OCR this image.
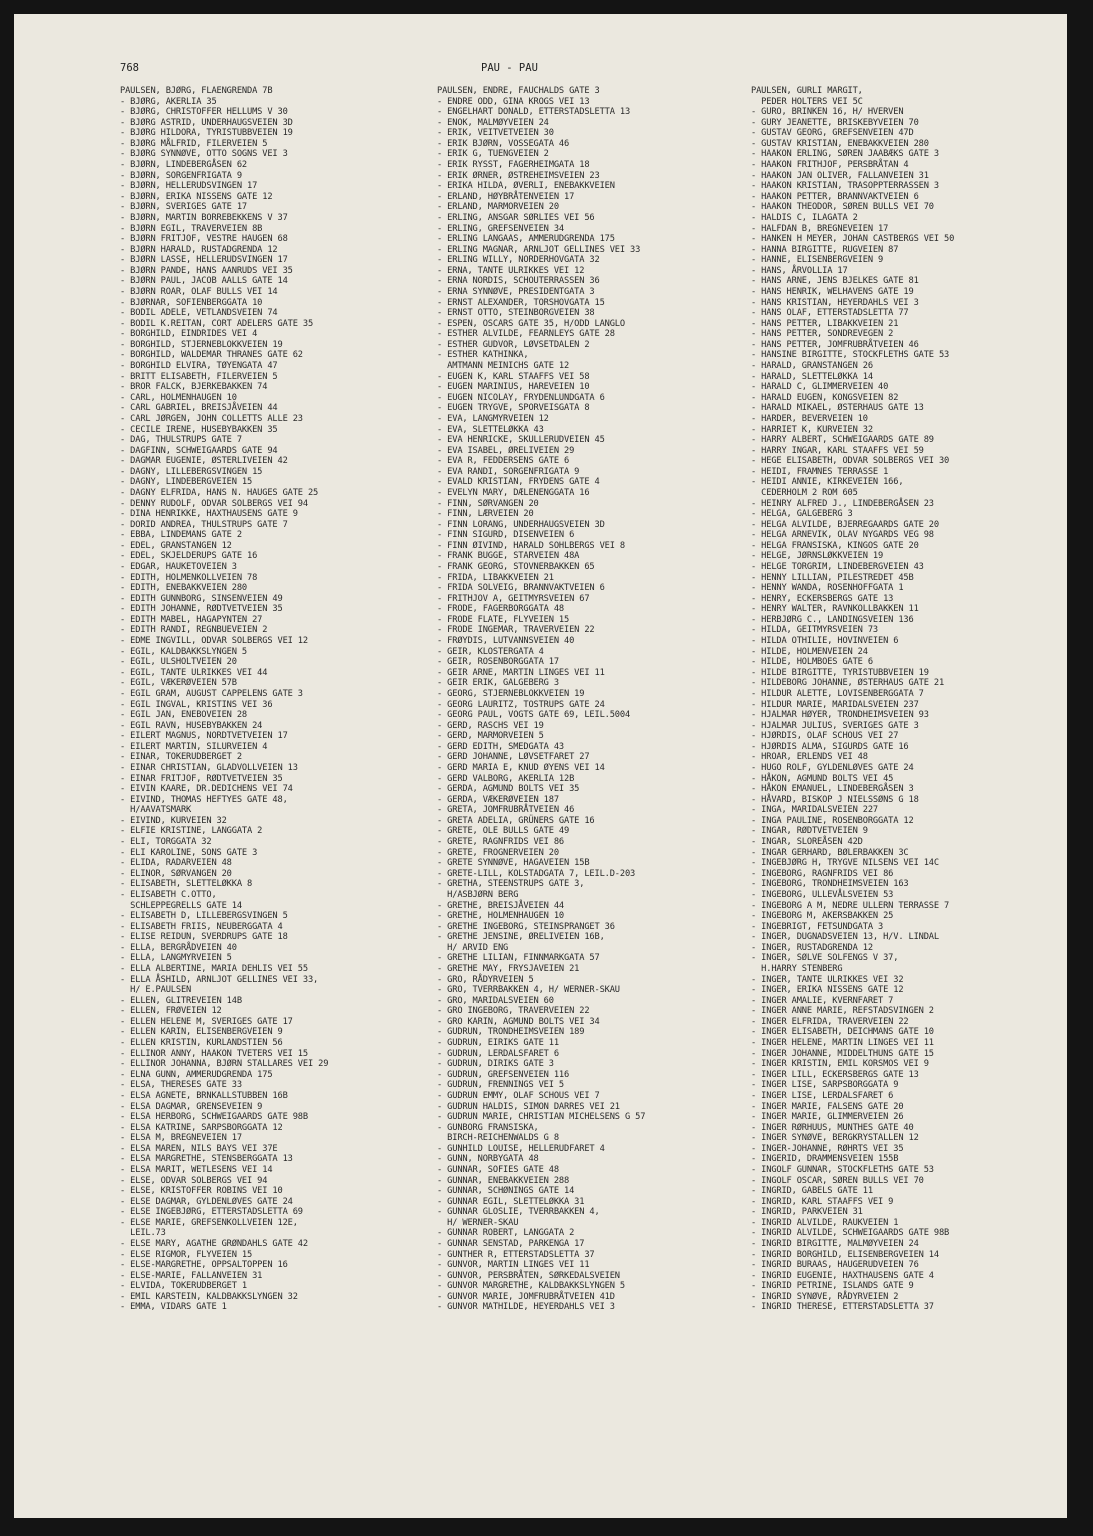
768	PAU - PAU
PAULSEN, BJØRG, FLAENGRENDA 7B
- BJØRG, AKERLIA 35
- BJØRG, CHRISTOFFER HELLUMS V 30
- BJØRG ASTRID, UNDERHAUGSVEIEN 3D
- BJØRG HILDORA, TYRISTUBBVEIEN 19
- BJØRG MÅLFRID, FILERVEIEN 5
- BJØRG SYNNØVE, OTTO SOGNS VEI 3
- BJØRN, LINDEBERGÅSEN 62
- BJØRN, SORGENFRIGATA 9
- BJØRN, HELLERUDSVINGEN 17
- BJØRN, ERIKA NISSENS GATE 12
- BJØRN, SVERIGES GATE 17
- BJØRN, MARTIN BORREBEKKENS V 37
- BJØRN EGIL, TRAVERVEIEN 8B
- BJØRN FRITJOF, VESTRE HAUGEN 68
- BJØRN HARALD, RUSTADGRENDA 12
- BJØRN LASSE, HELLERUDSVINGEN 17
- BJØRN PANDE, HANS AANRUDS VEI 35
- BJØRN PAUL, JACOB AALLS GATE 14
- BJØRN ROAR, OLAF BULLS VEI 14
- BJØRNAR, SOFIENBERGGATA 10
- BODIL ADELE, VETLANDSVEIEN 74
- BODIL K.REITAN, CORT ADELERS GATE 35
- BORGHILD, EINDRIDES VEI 4
- BORGHILD, STJERNEBLOKKVEIEN 19
- BORGHILD, WALDEMAR THRANES GATE 62
- BORGHILD ELVIRA, TØYENGATA 47
- BRITT ELISABETH, FILERVEIEN 5
- BROR FALCK, BJERKEBAKKEN 74
- CARL, HOLMENHAUGEN 10
- CARL GABRIEL, BREISJÅVEIEN 44
- CARL JØRGEN, JOHN COLLETTS ALLE 23
- CECILE IRENE, HUSEBYBAKKEN 35
- DAG, THULSTRUPS GATE 7
- DAGFINN, SCHWEIGAARDS GATE 94
- DAGMAR EUGENIE, ØSTERLIVEIEN 42
- DAGNY, LILLEBERGSVINGEN 15
- DAGNY, LINDEBERGVEIEN 15
- DAGNY ELFRIDA, HANS N. HAUGES GATE 25
- DENNY RUDOLF, ODVAR SOLBERGS VEI 94
- DINA HENRIKKE, HAXTHAUSENS GATE 9
- DORID ANDREA, THULSTRUPS GATE 7
- EBBA, LINDEMANS GATE 2
- EDEL, GRANSTANGEN 12
- EDEL, SKJELDERUPS GATE 16
- EDGAR, HAUKETOVEIEN 3
- EDITH, HOLMENKOLLVEIEN 78
- EDITH, ENEBAKKVEIEN 280
- EDITH GUNNBORG, SINSENVEIEN 49
- EDITH JOHANNE, RØDTVETVEIEN 35
- EDITH MABEL, HAGAPYNTEN 27
- EDITH RANDI, REGNBUEVEIEN 2
- EDME INGVILL, ODVAR SOLBERGS VEI 12
- EGIL, KALDBAKKSLYNGEN 5
- EGIL, ULSHOLTVEIEN 20
- EGIL, TANTE ULRIKKES VEI 44
- EGIL, VÆKERØVEIEN 57B
- EGIL GRAM, AUGUST CAPPELENS GATE 3
- EGIL INGVAL, KRISTINS VEI 36
- EGIL JAN, ENEBOVEIEN 28
- EGIL RAVN, HUSEBYBAKKEN 24
- EILERT MAGNUS, NORDTVETVEIEN 17
- EILERT MARTIN, SILURVEIEN 4
- EINAR, TOKERUDBERGET 2
- EINAR CHRISTIAN, GLADVOLLVEIEN 13
- EINAR FRITJOF, RØDTVETVEIEN 35
- EIVIN KAARE, DR.DEDICHENS VEI 74
- EIVIND, THOMAS HEFTYES GATE 48,
H/AAVATSMARK
- EIVIND, KURVEIEN 32
- ELFIE KRISTINE, LANGGATA 2
- ELI, TORGGATA 32
- ELI KAROLINE, SONS GATE 3
- ELIDA, RADARVEIEN 48
- ELINOR, SØRVANGEN 20
- ELISABETH, SLETTELØKKA 8
- ELISABETH C.OTTO,
SCHLEPPEGRELLS GATE 14
- ELISABETH D, LILLEBERGSVINGEN 5
- ELISABETH FRIIS, NEUBERGGATA 4
- ELISE REIDUN, SVERDRUPS GATE 18
- ELLA, BERGRÅDVEIEN 40
- ELLA, LANGMYRVEIEN 5
- ELLA ALBERTINE, MARIA DEHLIS VEI 55
- ELLA ÅSHILD, ARNLJOT GELLINES VEI 33,
H/ E.PAULSEN
- ELLEN, GLITREVEIEN 14B
- ELLEN, FRØVEIEN 12
- ELLEN HELENE M, SVERIGES GATE 17
- ELLEN KARIN, ELISENBERGVEIEN 9
- ELLEN KRISTIN, KURLANDSTIEN 56
- ELLINOR ANNY, HAAKON TVETERS VEI 15
- ELLINOR JOHANNA, BJØRN STALLARES VEI 29
- ELNA GUNN, AMMERUDGRENDA 175
- ELSA, THERESES GATE 33
- ELSA AGNETE, BRNKALLSTUBBEN 16B
- ELSA DAGMAR, GRENSEVEIEN 9
- ELSA HERBORG, SCHWEIGAARDS GATE 98B
- ELSA KATRINE, SARPSBORGGATA 12
- ELSA M, BREGNEVEIEN 17
- ELSA MAREN, NILS BAYS VEI 37E
- ELSA MARGRETHE, STENSBERGGATA 13
- ELSA MARIT, WETLESENS VEI 14
- ELSE, ODVAR SOLBERGS VEI 94
- ELSE, KRISTOFFER ROBINS VEI 10
- ELSE DAGMAR, GYLDENLØVES GATE 24
- ELSE INGEBJØRG, ETTERSTADSLETTA 69
- ELSE MARIE, GREFSENKOLLVEIEN 12E,
LEIL.73
- ELSE MARY, AGATHE GRØNDAHLS GATE 42
- ELSE RIGMOR, FLYVEIEN 15
- ELSE-MARGRETHE, OPPSALTOPPEN 16
- ELSE-MARIE, FALLANVEIEN 31
- ELVIDA, TOKERUDBERGET 1
- EMIL KARSTEIN, KALDBAKKSLYNGEN 32
- EMMA, VIDARS GATE 1
PAULSEN, ENDRE, FAUCHALDS GATE 3
- ENDRE ODD, GINA KROGS VEI 13
- ENGELHART DONALD, ETTERSTADSLETTA 13
- ENOK, MALMØYVEIEN 24
- ERIK, VEITVETVEIEN 30
- ERIK BJØRN, VOSSEGATA 46
- ERIK G, TUENGVEIEN 2
- ERIK RYSST, FAGERHEIMGATA 18
- ERIK ØRNER, ØSTREHEIMSVEIEN 23
- ERIKA HILDA, ØVERLI, ENEBAKKVEIEN
- ERLAND, HØYBRÅTENVEIEN 17
- ERLAND, MARMORVEIEN 20
- ERLING, ANSGAR SØRLIES VEI 56
- ERLING, GREFSENVEIEN 34
- ERLING LANGAAS, AMMERUDGRENDA 175
- ERLING MAGNAR, ARNLJOT GELLINES VEI 33
- ERLING WILLY, NORDERHOVGATA 32
- ERNA, TANTE ULRIKKES VEI 12
- ERNA NORDIS, SCHOUTERRASSEN 36
- ERNA SYNNØVE, PRESIDENTGATA 3
- ERNST ALEXANDER, TORSHOVGATA 15
- ERNST OTTO, STEINBORGVEIEN 38
- ESPEN, OSCARS GATE 35, H/ODD LANGLO
- ESTHER ALVILDE, FEARNLEYS GATE 28
- ESTHER GUDVOR, LØVSETDALEN 2
- ESTHER KATHINKA,
AMTMANN MEINICHS GATE 12
- EUGEN K, KARL STAAFFS VEI 58
- EUGEN MARINIUS, HAREVEIEN 10
- EUGEN NICOLAY, FRYDENLUNDGATA 6
- EUGEN TRYGVE, SPORVEISGATA 8
- EVA, LANGMYRVEIEN 12
- EVA, SLETTELØKKA 43
- EVA HENRICKE, SKULLERUDVEIEN 45
- EVA ISABEL, ØRELIVEIEN 29
- EVA R, FEDDERSENS GATE 6
- EVA RANDI, SORGENFRIGATA 9
- EVALD KRISTIAN, FRYDENS GATE 4
- EVELYN MARY, DÆLENENGGATA 16
- FINN, SØRVANGEN 20
- FINN, LÆRVEIEN 20
- FINN LORANG, UNDERHAUGSVEIEN 3D
- FINN SIGURD, DISENVEIEN 6
- FINN ØIVIND, HARALD SOHLBERGS VEI 8
- FRANK BUGGE, STARVEIEN 48A
- FRANK GEORG, STOVNERBAKKEN 65
- FRIDA, LIBAKKVEIEN 21
- FRIDA SOLVEIG, BRANNVAKTVEIEN 6
- FRITHJOV A, GEITMYRSVEIEN 67
- FRODE, FAGERBORGGATA 48
- FRODE FLATE, FLYVEIEN 15
- FRODE INGEMAR, TRAVERVEIEN 22
- FRØYDIS, LUTVANNSVEIEN 40
- GEIR, KLOSTERGATA 4
- GEIR, ROSENBORGGATA 17
- GEIR ARNE, MARTIN LINGES VEI 11
- GEIR ERIK, GALGEBERG 3
- GEORG, STJERNEBLOKKVEIEN 19
- GEORG LAURITZ, TOSTRUPS GATE 24
- GEORG PAUL, VOGTS GATE 69, LEIL.5004
- GERD, RASCHS VEI 19
- GERD, MARMORVEIEN 5
- GERD EDITH, SMEDGATA 43
- GERD JOHANNE, LØVSETFARET 27
- GERD MARIA E, KNUD ØYENS VEI 14
- GERD VALBORG, AKERLIA 12B
- GERDA, AGMUND BOLTS VEI 35
- GERDA, VÆKERØVEIEN 187
- GRETA, JOMFRUBRÅTVEIEN 46
- GRETA ADELIA, GRÜNERS GATE 16
- GRETE, OLE BULLS GATE 49
- GRETE, RAGNFRIDS VEI 86
- GRETE, FROGNERVEIEN 20
- GRETE SYNNØVE, HAGAVEIEN 15B
- GRETE-LILL, KOLSTADGATA 7, LEIL.D-203
- GRETHA, STEENSTRUPS GATE 3,
H/ASBJØRN BERG
- GRETHE, BREISJÅVEIEN 44
- GRETHE, HOLMENHAUGEN 10
- GRETHE INGEBORG, STEINSPRANGET 36
- GRETHE JENSINE, ØRELIVEIEN 16B,
H/ ARVID ENG
- GRETHE LILIAN, FINNMARKGATA 57
- GRETHE MAY, FRYSJAVEIEN 21
- GRO, RÅDYRVEIEN 5
- GRO, TVERRBAKKEN 4, H/ WERNER-SKAU
- GRO, MARIDALSVEIEN 60
- GRO INGEBORG, TRAVERVEIEN 22
- GRO KARIN, AGMUND BOLTS VEI 34
- GUDRUN, TRONDHEIMSVEIEN 189
- GUDRUN, EIRIKS GATE 11
- GUDRUN, LERDALSFARET 6
- GUDRUN, DIRIKS GATE 3
- GUDRUN, GREFSENVEIEN 116
- GUDRUN, FRENNINGS VEI 5
- GUDRUN EMMY, OLAF SCHOUS VEI 7
- GUDRUN HALDIS, SIMON DARRES VEI 21
- GUDRUN MARIE, CHRISTIAN MICHELSENS G 57
- GUNBORG FRANSISKA,
BIRCH-REICHENWALDS G 8
- GUNHILD LOUISE, HELLERUDFARET 4
- GUNN, NORBYGATA 48
- GUNNAR, SOFIES GATE 48
- GUNNAR, ENEBAKKVEIEN 288
- GUNNAR, SCHØNINGS GATE 14
- GUNNAR EGIL, SLETTELØKKA 31
- GUNNAR GLOSLIE, TVERRBAKKEN 4,
H/ WERNER-SKAU
- GUNNAR ROBERT, LANGGATA 2
- GUNNAR SENSTAD, PARKENGA 17
- GUNTHER R, ETTERSTADSLETTA 37
- GUNVOR, MARTIN LINGES VEI 11
- GUNVOR, PERSBRÅTEN, SØRKEDALSVEIEN
- GUNVOR MARGRETHE, KALDBAKKSLYNGEN 5
- GUNVOR MARIE, JOMFRUBRÅTVEIEN 41D
- GUNVOR MATHILDE, HEYERDAHLS VEI 3
PAULSEN, GURLI MARGIT,
PEDER HOLTERS VEI 5C
- GURO, BRINKEN 16, H/ HVERVEN
- GURY JEANETTE, BRISKEBYVEIEN 70
- GUSTAV GEORG, GREFSENVEIEN 47D
- GUSTAV KRISTIAN, ENEBAKKVEIEN 280
- HAAKON ERLING, SØREN JAABÆKS GATE 3
- HAAKON FRITHJOF, PERSBRÅTAN 4
- HAAKON JAN OLIVER, FALLANVEIEN 31
- HAAKON KRISTIAN, TRASOPPTERRASSEN 3
- HAAKON PETTER, BRANNVAKTVEIEN 6
- HAAKON THEODOR, SØREN BULLS VEI 70
- HALDIS C, ILAGATA 2
- HALFDAN B, BREGNEVEIEN 17
- HANKEN H MEYER, JOHAN CASTBERGS VEI 50
- HANNA BIRGITTE, RUGVEIEN 87
- HANNE, ELISENBERGVEIEN 9
- HANS, ÅRVOLLIA 17
- HANS ARNE, JENS BJELKES GATE 81
- HANS HENRIK, WELHAVENS GATE 19
- HANS KRISTIAN, HEYERDAHLS VEI 3
- HANS OLAF, ETTERSTADSLETTA 77
- HANS PETTER, LIBAKKVEIEN 21
- HANS PETTER, SONDREVEGEN 2
- HANS PETTER, JOMFRUBRÅTVEIEN 46
- HANSINE BIRGITTE, STOCKFLETHS GATE 53
- HARALD, GRANSTANGEN 26
- HARALD, SLETTELØKKA 14
- HARALD C, GLIMMERVEIEN 40
- HARALD EUGEN, KONGSVEIEN 82
- HARALD MIKAEL, ØSTERHAUS GATE 13
- HARDER, BEVERVEIEN 10
- HARRIET K, KURVEIEN 32
- HARRY ALBERT, SCHWEIGAARDS GATE 89
- HARRY INGAR, KARL STAAFFS VEI 59
- HEGE ELISABETH, ODVAR SOLBERGS VEI 30
- HEIDI, FRAMNES TERRASSE 1
- HEIDI ANNIE, KIRKEVEIEN 166,
CEDERHOLM 2 ROM 605
- HEINRY ALFRED J., LINDEBERGÅSEN 23
- HELGA, GALGEBERG 3
- HELGA ALVILDE, BJERREGAARDS GATE 20
- HELGA ARNEVIK, OLAV NYGARDS VEG 98
- HELGA FRANSISKA, KINGOS GATE 20
- HELGE, JØRNSLØKKVEIEN 19
- HELGE TORGRIM, LINDEBERGVEIEN 43
- HENNY LILLIAN, PILESTREDET 45B
- HENNY WANDA, ROSENHOFFGATA 1
- HENRY, ECKERSBERGS GATE 13
- HENRY WALTER, RAVNKOLLBAKKEN 11
- HERBJØRG C., LANDINGSVEIEN 136
- HILDA, GEITMYRSVEIEN 73
- HILDA OTHILIE, HOVINVEIEN 6
- HILDE, HOLMENVEIEN 24
- HILDE, HOLMBOES GATE 6
- HILDE BIRGITTE, TYRISTUBBVEIEN 19
- HILDEBORG JOHANNE, ØSTERHAUS GATE 21
- HILDUR ALETTE, LOVISENBERGGATA 7
- HILDUR MARIE, MARIDALSVEIEN 237
- HJALMAR HØYER, TRONDHEIMSVEIEN 93
- HJALMAR JULIUS, SVERIGES GATE 3
- HJØRDIS, OLAF SCHOUS VEI 27
- HJØRDIS ALMA, SIGURDS GATE 16
- HROAR, ERLENDS VEI 48
- HUGO ROLF, GYLDENLØVES GATE 24
- HÅKON, AGMUND BOLTS VEI 45
- HÅKON EMANUEL, LINDEBERGÅSEN 3
- HÅVARD, BISKOP J NIELSSØNS G 18
- INGA, MARIDALSVEIEN 227
- INGA PAULINE, ROSENBORGGATA 12
- INGAR, RØDTVETVEIEN 9
- INGAR, SLOREÅSEN 42D
- INGAR GERHARD, BØLERBAKKEN 3C
- INGEBJØRG H, TRYGVE NILSENS VEI 14C
- INGEBORG, RAGNFRIDS VEI 86
- INGEBORG, TRONDHEIMSVEIEN 163
- INGEBORG, ULLEVÅLSVEIEN 53
- INGEBORG A M, NEDRE ULLERN TERRASSE 7
- INGEBORG M, AKERSBAKKEN 25
- INGEBRIGT, FETSUNDGATA 3
- INGER, DUGNADSVEIEN 13, H/V. LINDAL
- INGER, RUSTADGRENDA 12
- INGER, SØLVE SOLFENGS V 37,
H.HARRY STENBERG
- INGER, TANTE ULRIKKES VEI 32
- INGER, ERIKA NISSENS GATE 12
- INGER AMALIE, KVERNFARET 7
- INGER ANNE MARIE, REFSTADSVINGEN 2
- INGER ELFRIDA, TRAVERVEIEN 22
- INGER ELISABETH, DEICHMANS GATE 10
- INGER HELENE, MARTIN LINGES VEI 11
- INGER JOHANNE, MIDDELTHUNS GATE 15
- INGER KRISTIN, EMIL KORSMOS VEI 9
- INGER LILL, ECKERSBERGS GATE 13
- INGER LISE, SARPSBORGGATA 9
- INGER LISE, LERDALSFARET 6
- INGER MARIE, FALSENS GATE 20
- INGER MARIE, GLIMMERVEIEN 26
- INGER RØRHUUS, MUNTHES GATE 40
- INGER SYNØVE, BERGKRYSTALLEN 12
- INGER-JOHANNE, RØHRTS VEI 35
- INGERID, DRAMMENSVEIEN 155B
- INGOLF GUNNAR, STOCKFLETHS GATE 53
- INGOLF OSCAR, SØREN BULLS VEI 70
- INGRID, GABELS GATE 11
- INGRID, KARL STAAFFS VEI 9
- INGRID, PARKVEIEN 31
- INGRID ALVILDE, RAUKVEIEN 1
- INGRID ALVILDE, SCHWEIGAARDS GATE 98B
- INGRID BIRGITTE, MALMØYVEIEN 24
- INGRID BORGHILD, ELISENBERGVEIEN 14
- INGRID BURAAS, HAUGERUDVEIEN 76
- INGRID EUGENIE, HAXTHAUSENS GATE 4
- INGRID PETRINE, ISLANDS GATE 9
- INGRID SYNØVE, RÅDYRVEIEN 2
- INGRID THERESE, ETTERSTADSLETTA 37
